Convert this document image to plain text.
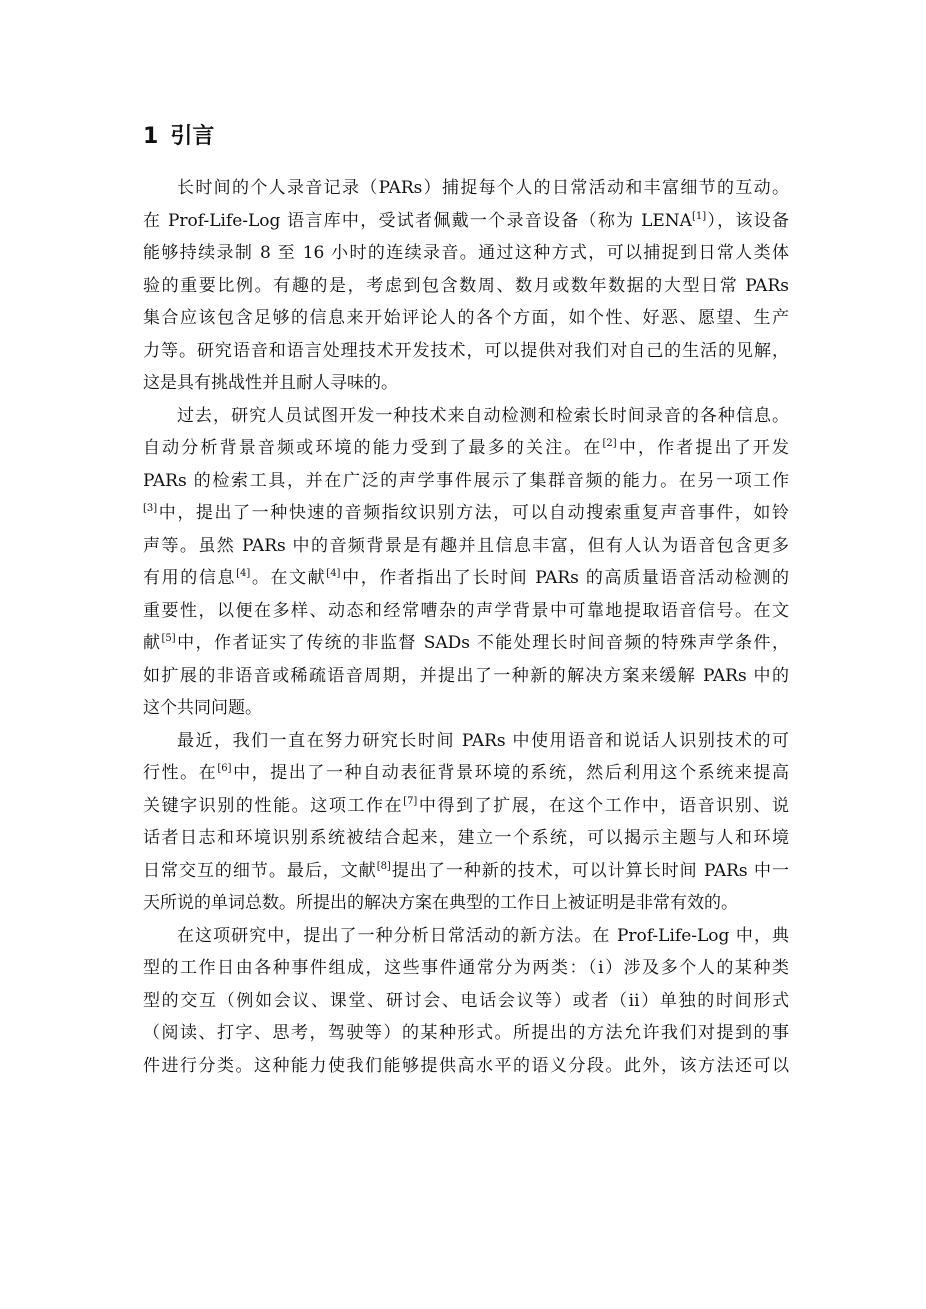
1 引言
长时间的个人录音记录（PARs）捕捉每个人的日常活动和丰富细节的互动。
在 Prof-Life-Log 语言库中，受试者佩戴一个录音设备（称为 LENA[1]），该设备
能够持续录制 8 至 16 小时的连续录音。通过这种方式，可以捕捉到日常人类体
验的重要比例。有趣的是，考虑到包含数周、数月或数年数据的大型日常 PARs
集合应该包含足够的信息来开始评论人的各个方面，如个性、好恶、愿望、生产
力等。研究语音和语言处理技术开发技术，可以提供对我们对自己的生活的见解，
这是具有挑战性并且耐人寻味的。
过去，研究人员试图开发一种技术来自动检测和检索长时间录音的各种信息。
自动分析背景音频或环境的能力受到了最多的关注。在[2]中，作者提出了开发
PARs 的检索工具，并在广泛的声学事件展示了集群音频的能力。在另一项工作
[3]中，提出了一种快速的音频指纹识别方法，可以自动搜索重复声音事件，如铃
声等。虽然 PARs 中的音频背景是有趣并且信息丰富，但有人认为语音包含更多
有用的信息[4]。在文献[4]中，作者指出了长时间 PARs 的高质量语音活动检测的
重要性，以便在多样、动态和经常嘈杂的声学背景中可靠地提取语音信号。在文
献[5]中，作者证实了传统的非监督 SADs 不能处理长时间音频的特殊声学条件，
如扩展的非语音或稀疏语音周期，并提出了一种新的解决方案来缓解 PARs 中的
这个共同问题。
最近，我们一直在努力研究长时间 PARs 中使用语音和说话人识别技术的可
行性。在[6]中，提出了一种自动表征背景环境的系统，然后利用这个系统来提高
关键字识别的性能。这项工作在[7]中得到了扩展，在这个工作中，语音识别、说
话者日志和环境识别系统被结合起来，建立一个系统，可以揭示主题与人和环境
日常交互的细节。最后，文献[8]提出了一种新的技术，可以计算长时间 PARs 中一
天所说的单词总数。所提出的解决方案在典型的工作日上被证明是非常有效的。
在这项研究中，提出了一种分析日常活动的新方法。在 Prof-Life-Log 中，典
型的工作日由各种事件组成，这些事件通常分为两类：（i）涉及多个人的某种类
型的交互（例如会议、课堂、研讨会、电话会议等）或者（ii）单独的时间形式
（阅读、打字、思考，驾驶等）的某种形式。所提出的方法允许我们对提到的事
件进行分类。这种能力使我们能够提供高水平的语义分段。此外，该方法还可以
